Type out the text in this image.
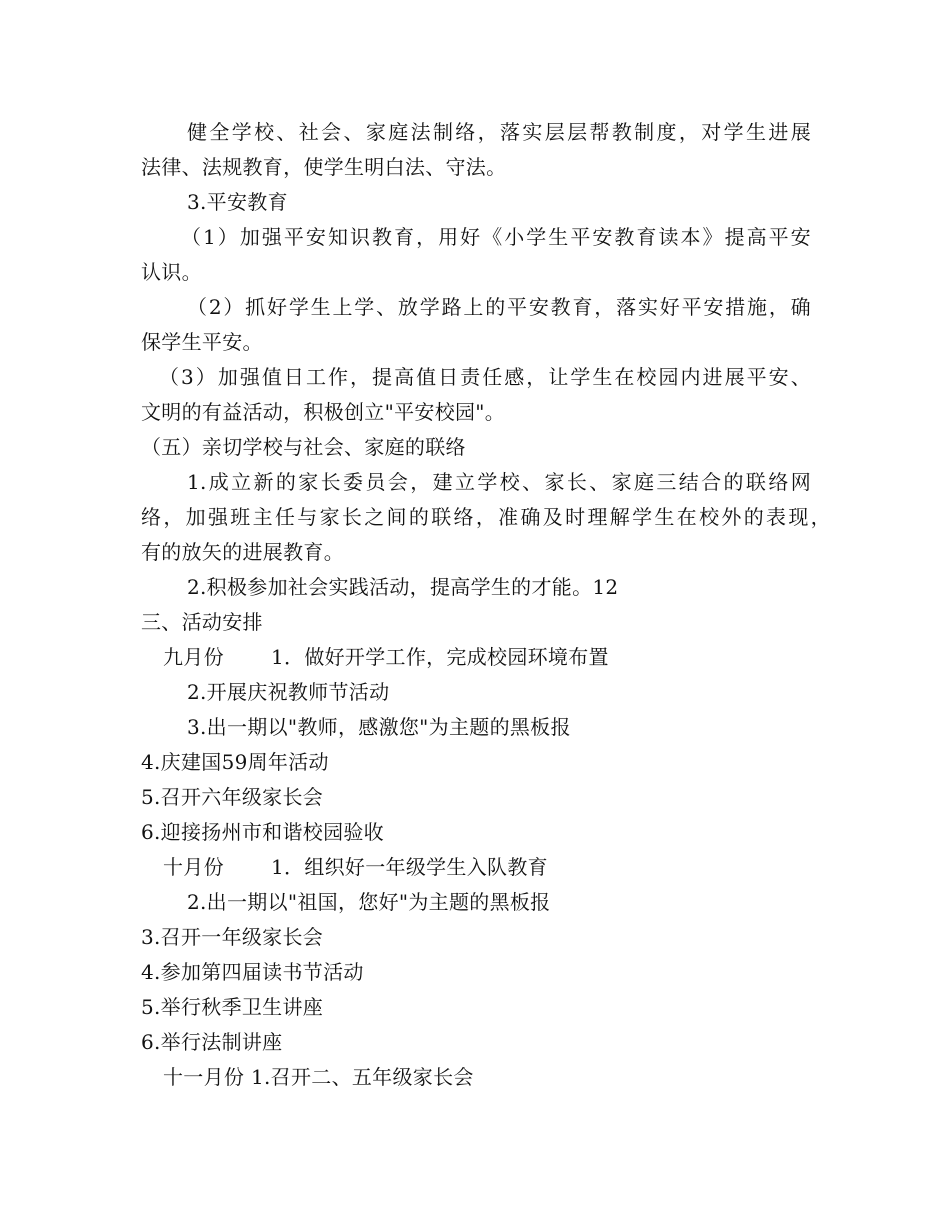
健全学校、社会、家庭法制络，落实层层帮教制度，对学生进展
法律、法规教育，使学生明白法、守法。
3.平安教育
（1）加强平安知识教育，用好《小学生平安教育读本》提高平安
认识。
（2）抓好学生上学、放学路上的平安教育，落实好平安措施，确
保学生平安。
（3）加强值日工作，提高值日责任感，让学生在校园内进展平安、
文明的有益活动，积极创立"平安校园"。
（五）亲切学校与社会、家庭的联络
1.成立新的家长委员会，建立学校、家长、家庭三结合的联络网
络，加强班主任与家长之间的联络，准确及时理解学生在校外的表现，
有的放矢的进展教育。
2.积极参加社会实践活动，提高学生的才能。12
三、活动安排
九月份 1．做好开学工作，完成校园环境布置
2.开展庆祝教师节活动
3.出一期以"教师，感激您"为主题的黑板报
4.庆建国59周年活动
5.召开六年级家长会
6.迎接扬州市和谐校园验收
十月份 1．组织好一年级学生入队教育
2.出一期以"祖国，您好"为主题的黑板报
3.召开一年级家长会
4.参加第四届读书节活动
5.举行秋季卫生讲座
6.举行法制讲座
十一月份 1.召开二、五年级家长会
